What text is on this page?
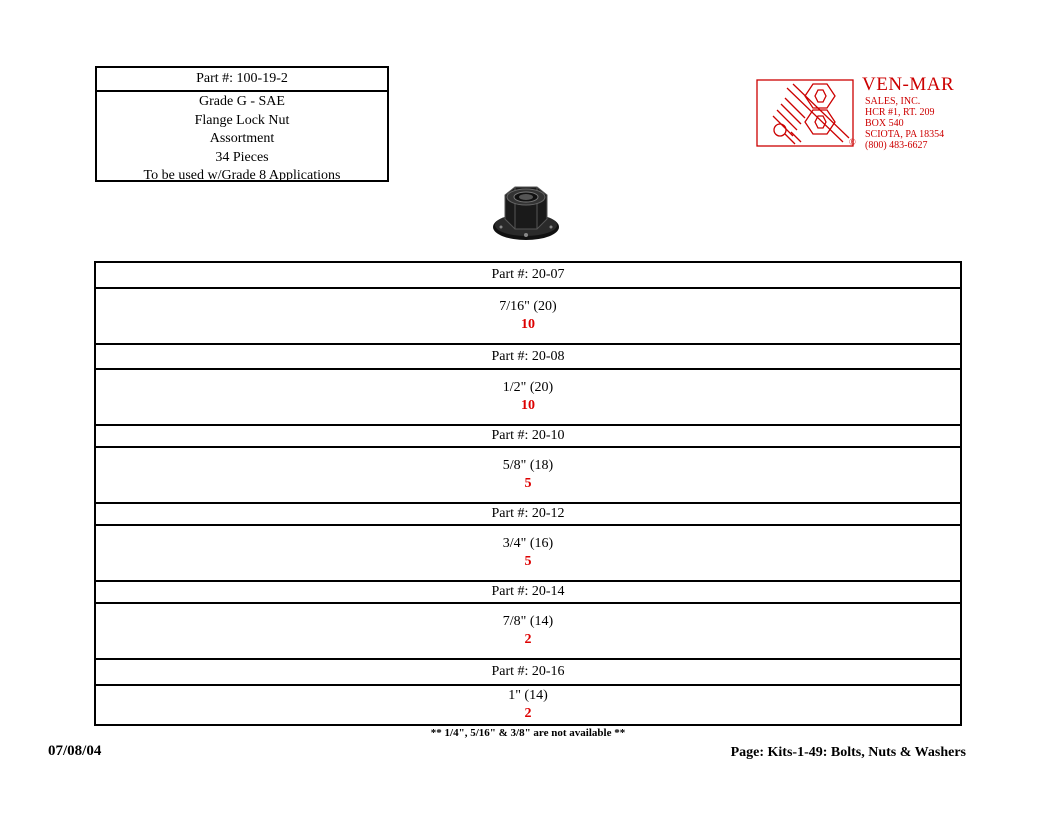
Part #: 100-19-2
Grade G - SAE
Flange Lock Nut
Assortment
34 Pieces
To be used w/Grade 8 Applications
VEN-MAR
SALES, INC.
HCR #1, RT. 209
BOX 540
SCIOTA, PA 18354
(800) 483-6627
®
Part #: 20-07
7/16" (20)
10
Part #: 20-08
1/2" (20)
10
Part #: 20-10
5/8" (18)
5
Part #: 20-12
3/4" (16)
5
Part #: 20-14
7/8" (14)
2
Part #: 20-16
1" (14)
2
** 1/4", 5/16" & 3/8" are not available **
07/08/04	Page: Kits-1-49: Bolts, Nuts & Washers
